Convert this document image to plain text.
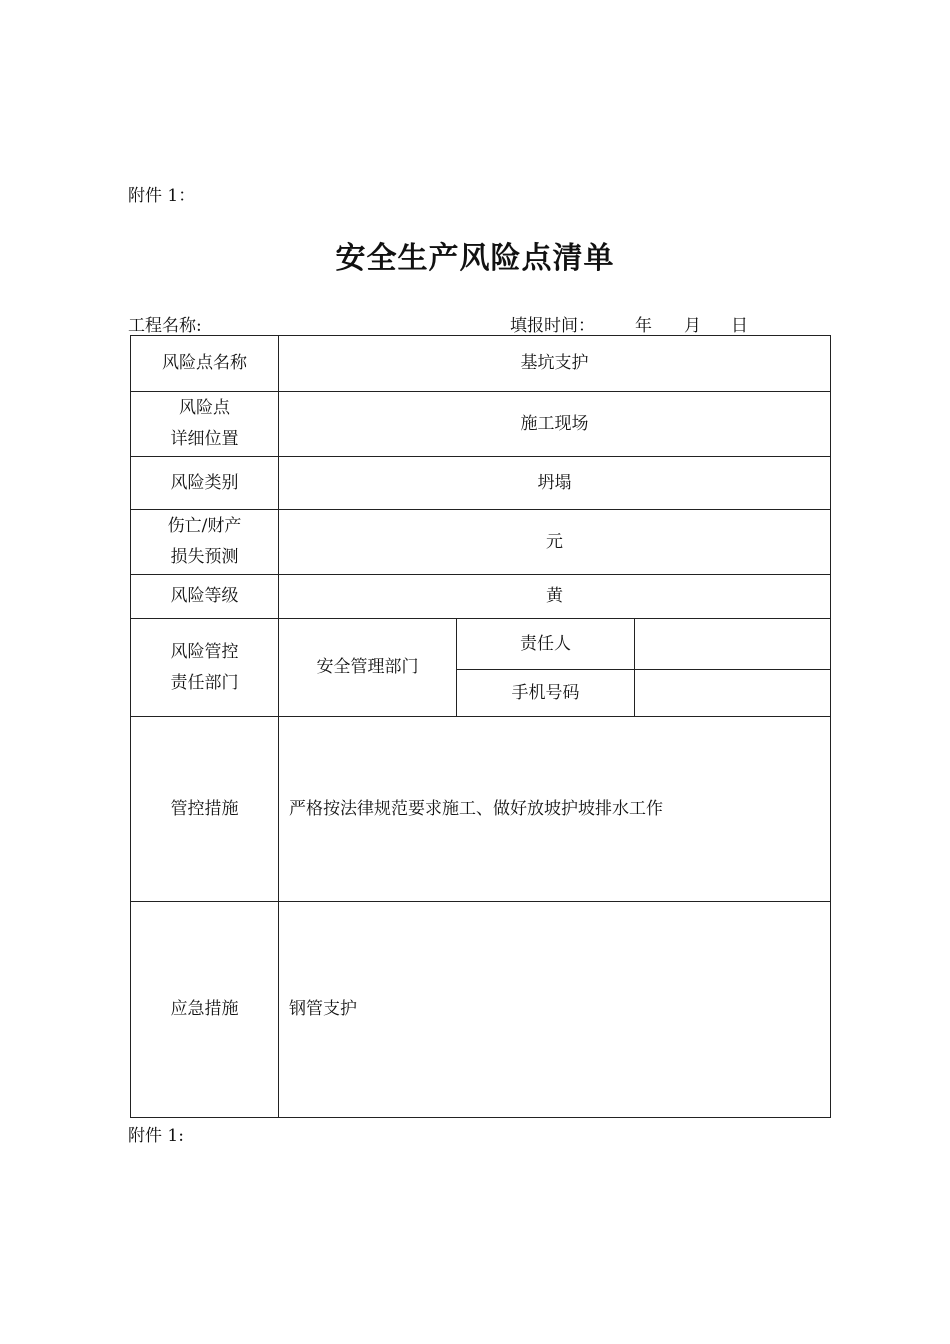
附件 1：
安全生产风险点清单
工程名称:	填报时间： 年 月 日
风险点名称	基坑支护		

风险点
详细位置	施工现场		
风险类别	坍塌		

伤亡/财产
损失预测	元		
风险等级	黄		

风险管控
责任部门	安全管理部门	责任人	
		手机号码	
管控措施	严格按法律规范要求施工、做好放坡护坡排水工作		
应急措施	钢管支护		
附件 1:
